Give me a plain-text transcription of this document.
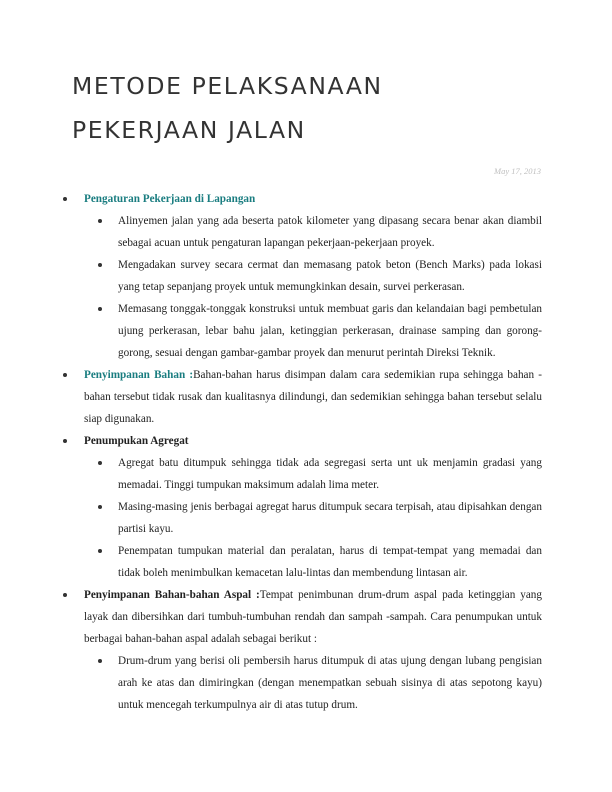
METODE PELAKSANAAN
PEKERJAAN JALAN
May 17, 2013
Pengaturan Pekerjaan di Lapangan
Alinyemen jalan yang ada beserta patok kilometer yang dipasang secara benar akan diambil sebagai acuan untuk pengaturan lapangan pekerjaan-pekerjaan proyek.
Mengadakan survey secara cermat dan memasang patok beton (Bench Marks) pada lokasi yang tetap sepanjang proyek untuk memungkinkan desain, survei perkerasan.
Memasang tonggak-tonggak konstruksi untuk membuat garis dan kelandaian bagi pembetulan ujung perkerasan, lebar bahu jalan, ketinggian perkerasan, drainase samping dan gorong-gorong, sesuai dengan gambar-gambar proyek dan menurut perintah Direksi Teknik.
Penyimpanan Bahan :Bahan-bahan harus disimpan dalam cara sedemikian rupa sehingga bahan -bahan tersebut tidak rusak dan kualitasnya dilindungi, dan sedemikian sehingga bahan tersebut selalu siap digunakan.
Penumpukan Agregat
Agregat batu ditumpuk sehingga tidak ada segregasi serta unt uk menjamin gradasi yang memadai. Tinggi tumpukan maksimum adalah lima meter.
Masing-masing jenis berbagai agregat harus ditumpuk secara terpisah, atau dipisahkan dengan partisi kayu.
Penempatan tumpukan material dan peralatan, harus di tempat-tempat yang memadai dan tidak boleh menimbulkan kemacetan lalu-lintas dan membendung lintasan air.
Penyimpanan Bahan-bahan Aspal :Tempat penimbunan drum-drum aspal pada ketinggian yang layak dan dibersihkan dari tumbuh-tumbuhan rendah dan sampah -sampah. Cara penumpukan untuk berbagai bahan-bahan aspal adalah sebagai berikut :
Drum-drum yang berisi oli pembersih harus ditumpuk di atas ujung dengan lubang pengisian arah ke atas dan dimiringkan (dengan menempatkan sebuah sisinya di atas sepotong kayu) untuk mencegah terkumpulnya air di atas tutup drum.
